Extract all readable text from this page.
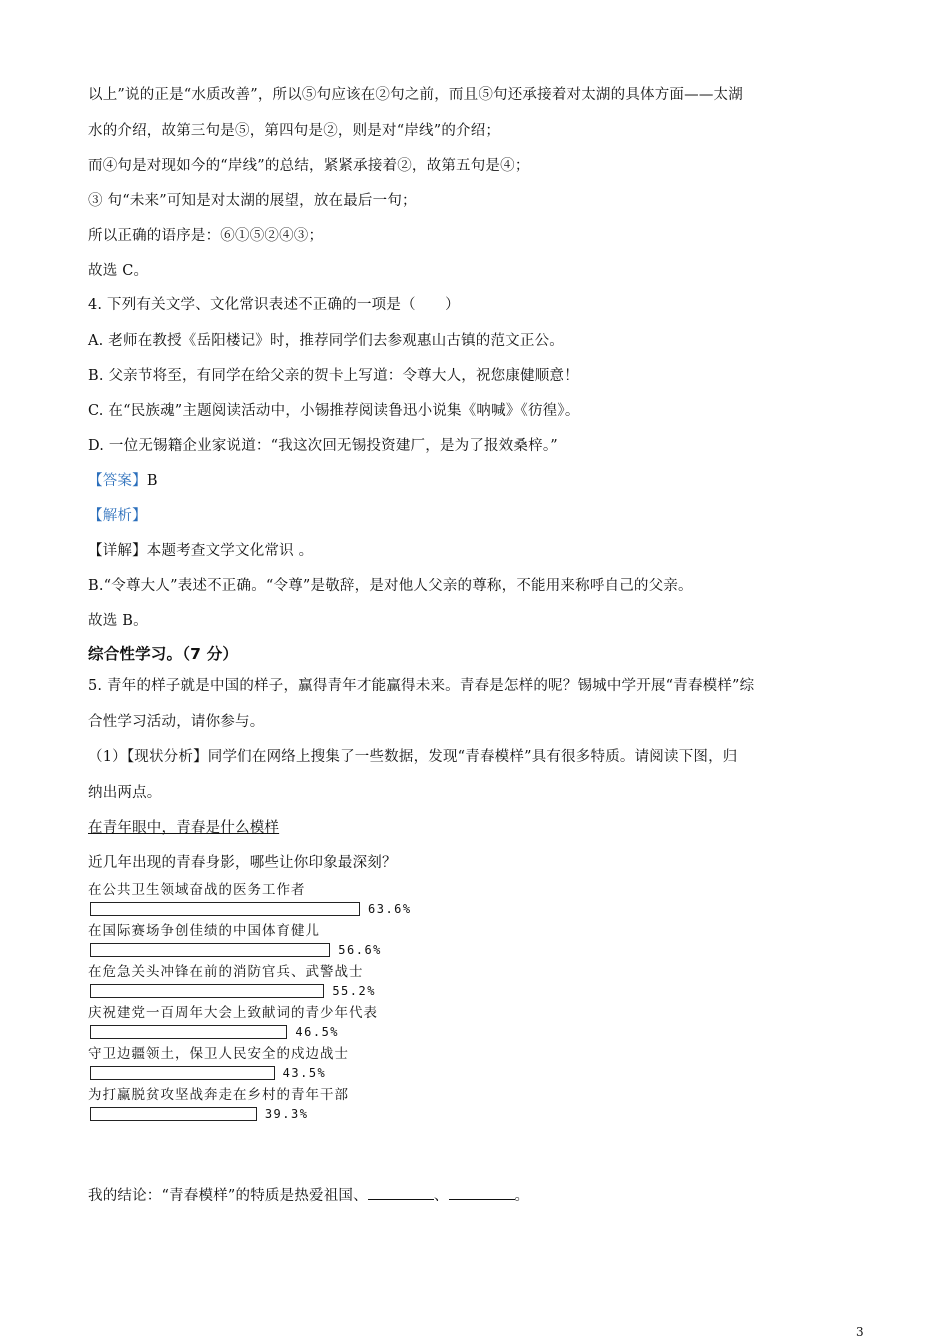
以上”说的正是“水质改善”，所以⑤句应该在②句之前，而且⑤句还承接着对太湖的具体方面——太湖
水的介绍，故第三句是⑤，第四句是②，则是对“岸线”的介绍；
而④句是对现如今的“岸线”的总结，紧紧承接着②，故第五句是④；
③ 句“未来”可知是对太湖的展望，放在最后一句；
所以正确的语序是：⑥①⑤②④③；
故选 C。
4. 下列有关文学、文化常识表述不正确的一项是（　　）
A. 老师在教授《岳阳楼记》时，推荐同学们去参观惠山古镇的范文正公。
B. 父亲节将至，有同学在给父亲的贺卡上写道：令尊大人，祝您康健顺意！
C. 在“民族魂”主题阅读活动中，小锡推荐阅读鲁迅小说集《呐喊》《彷徨》。
D. 一位无锡籍企业家说道：“我这次回无锡投资建厂，是为了报效桑梓。”
【答案】B
【解析】
【详解】本题考查文学文化常识 。
B.“令尊大人”表述不正确。“令尊”是敬辞，是对他人父亲的尊称，不能用来称呼自己的父亲。
故选 B。
综合性学习。（7 分）
5. 青年的样子就是中国的样子，赢得青年才能赢得未来。青春是怎样的呢？锡城中学开展“青春模样”综
合性学习活动，请你参与。
（1）【现状分析】同学们在网络上搜集了一些数据，发现“青春模样”具有很多特质。请阅读下图，归
纳出两点。
在青年眼中，青春是什么模样
近几年出现的青春身影，哪些让你印象最深刻？
在公共卫生领域奋战的医务工作者
63.6%
在国际赛场争创佳绩的中国体育健儿
56.6%
在危急关头冲锋在前的消防官兵、武警战士
55.2%
庆祝建党一百周年大会上致献词的青少年代表
46.5%
守卫边疆领土，保卫人民安全的戍边战士
43.5%
为打赢脱贫攻坚战奔走在乡村的青年干部
39.3%
我的结论：“青春模样”的特质是热爱祖国、	、	。
3
